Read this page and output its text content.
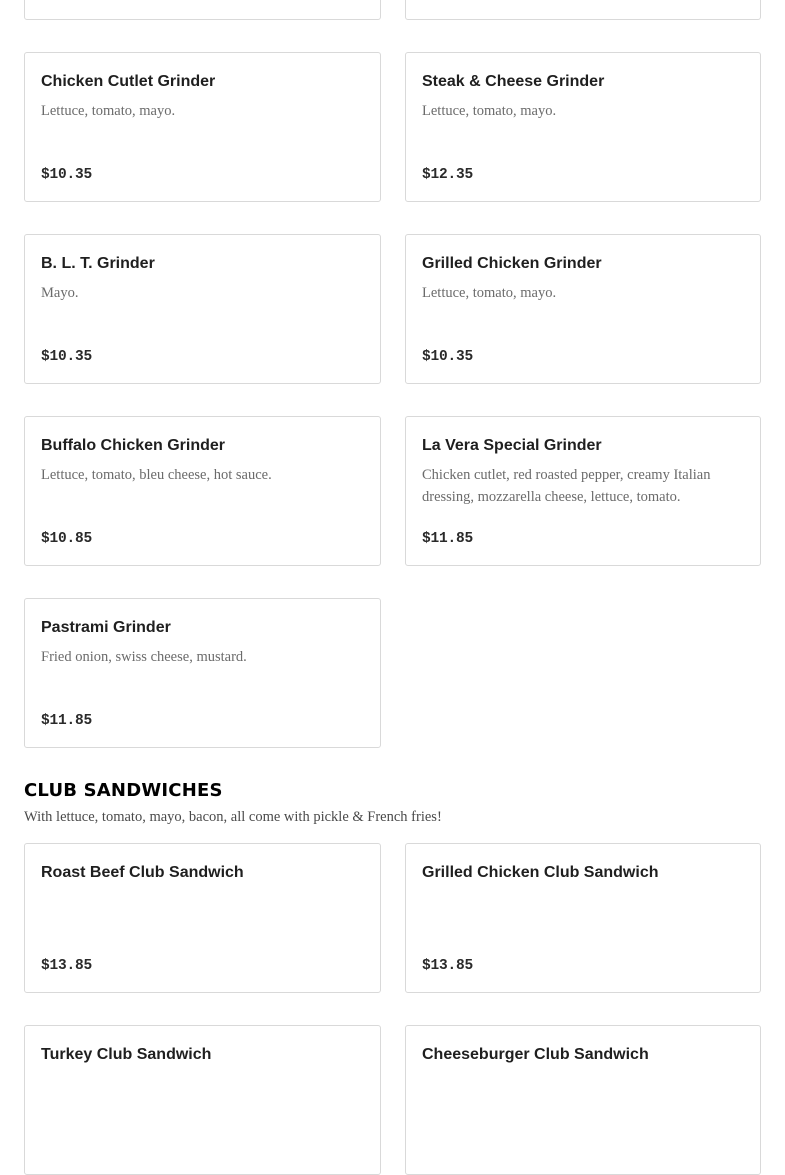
Chicken Cutlet Grinder
Lettuce, tomato, mayo.
$10.35
Steak & Cheese Grinder
Lettuce, tomato, mayo.
$12.35
B. L. T. Grinder
Mayo.
$10.35
Grilled Chicken Grinder
Lettuce, tomato, mayo.
$10.35
Buffalo Chicken Grinder
Lettuce, tomato, bleu cheese, hot sauce.
$10.85
La Vera Special Grinder
Chicken cutlet, red roasted pepper, creamy Italian dressing, mozzarella cheese, lettuce, tomato.
$11.85
Pastrami Grinder
Fried onion, swiss cheese, mustard.
$11.85
CLUB SANDWICHES
With lettuce, tomato, mayo, bacon, all come with pickle & French fries!
Roast Beef Club Sandwich
$13.85
Grilled Chicken Club Sandwich
$13.85
Turkey Club Sandwich	Cheeseburger Club Sandwich
